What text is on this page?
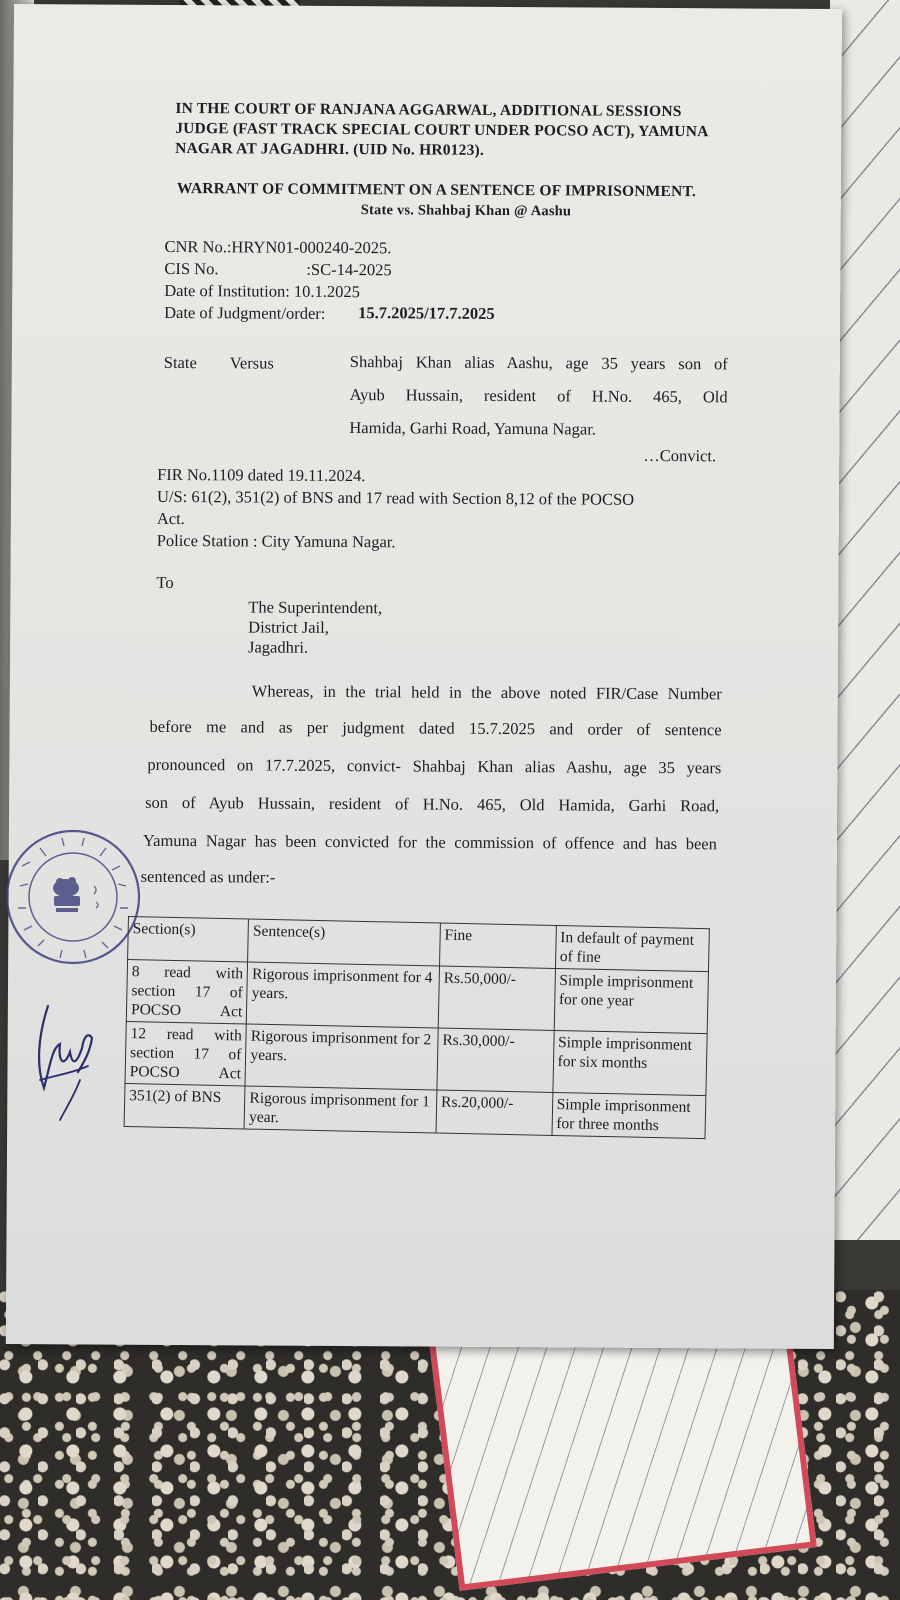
IN THE COURT OF RANJANA AGGARWAL, ADDITIONAL SESSIONS
JUDGE (FAST TRACK SPECIAL COURT UNDER POCSO ACT), YAMUNA
NAGAR AT JAGADHRI. (UID No. HR0123).
WARRANT OF COMMITMENT ON A SENTENCE OF IMPRISONMENT.
State vs. Shahbaj Khan @ Aashu
CNR No.:HRYN01-000240-2025.
CIS No.	:SC-14-2025
Date of Institution: 10.1.2025
Date of Judgment/order: 15.7.2025/17.7.2025
State Versus	Shahbaj Khan alias Aashu, age 35 years son of
Ayub Hussain, resident of H.No. 465, Old
Hamida, Garhi Road, Yamuna Nagar.
…Convict.
FIR No.1109 dated 19.11.2024.
U/S: 61(2), 351(2) of BNS and 17 read with Section 8,12 of the POCSO
Act.
Police Station : City Yamuna Nagar.
To
The Superintendent,
District Jail,
Jagadhri.
Whereas, in the trial held in the above noted FIR/Case Number
before me and as per judgment dated 15.7.2025 and order of sentence
pronounced on 17.7.2025, convict- Shahbaj Khan alias Aashu, age 35 years
son of Ayub Hussain, resident of H.No. 465, Old Hamida, Garhi Road,
Yamuna Nagar has been convicted for the commission of offence and has been
sentenced as under:-
Section(s)	Sentence(s)	Fine	In default of payment of fine
8 read with section 17 of POCSO Act	Rigorous imprisonment for 4 years.	Rs.50,000/-	Simple imprisonment for one year
12 read with section 17 of POCSO Act	Rigorous imprisonment for 2 years.	Rs.30,000/-	Simple imprisonment for six months
351(2) of BNS	Rigorous imprisonment for 1 year.	Rs.20,000/-	Simple imprisonment for three months
